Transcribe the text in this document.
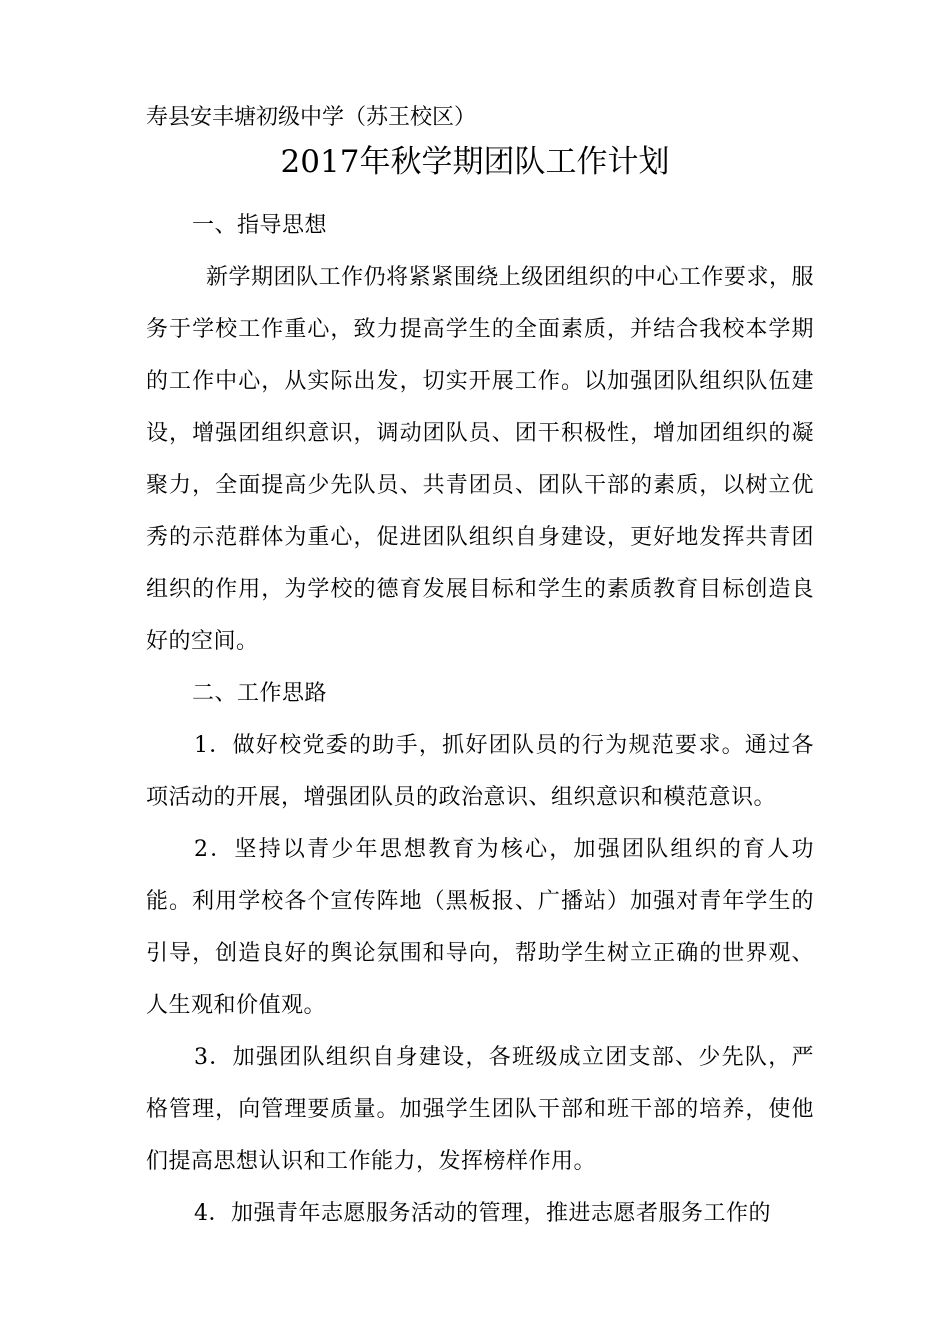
寿县安丰塘初级中学（苏王校区）
2017年秋学期团队工作计划

一、指导思想

新学期团队工作仍将紧紧围绕上级团组织的中心工作要求，服务于学校工作重心，致力提高学生的全面素质，并结合我校本学期的工作中心，从实际出发，切实开展工作。以加强团队组织队伍建设，增强团组织意识，调动团队员、团干积极性，增加团组织的凝聚力，全面提高少先队员、共青团员、团队干部的素质，以树立优秀的示范群体为重心，促进团队组织自身建设，更好地发挥共青团组织的作用，为学校的德育发展目标和学生的素质教育目标创造良好的空间。

二、工作思路

1．做好校党委的助手，抓好团队员的行为规范要求。通过各项活动的开展，增强团队员的政治意识、组织意识和模范意识。

2．坚持以青少年思想教育为核心，加强团队组织的育人功能。利用学校各个宣传阵地（黑板报、广播站）加强对青年学生的引导，创造良好的舆论氛围和导向，帮助学生树立正确的世界观、人生观和价值观。

3．加强团队组织自身建设，各班级成立团支部、少先队，严格管理，向管理要质量。加强学生团队干部和班干部的培养，使他们提高思想认识和工作能力，发挥榜样作用。

4．加强青年志愿服务活动的管理，推进志愿者服务工作的
